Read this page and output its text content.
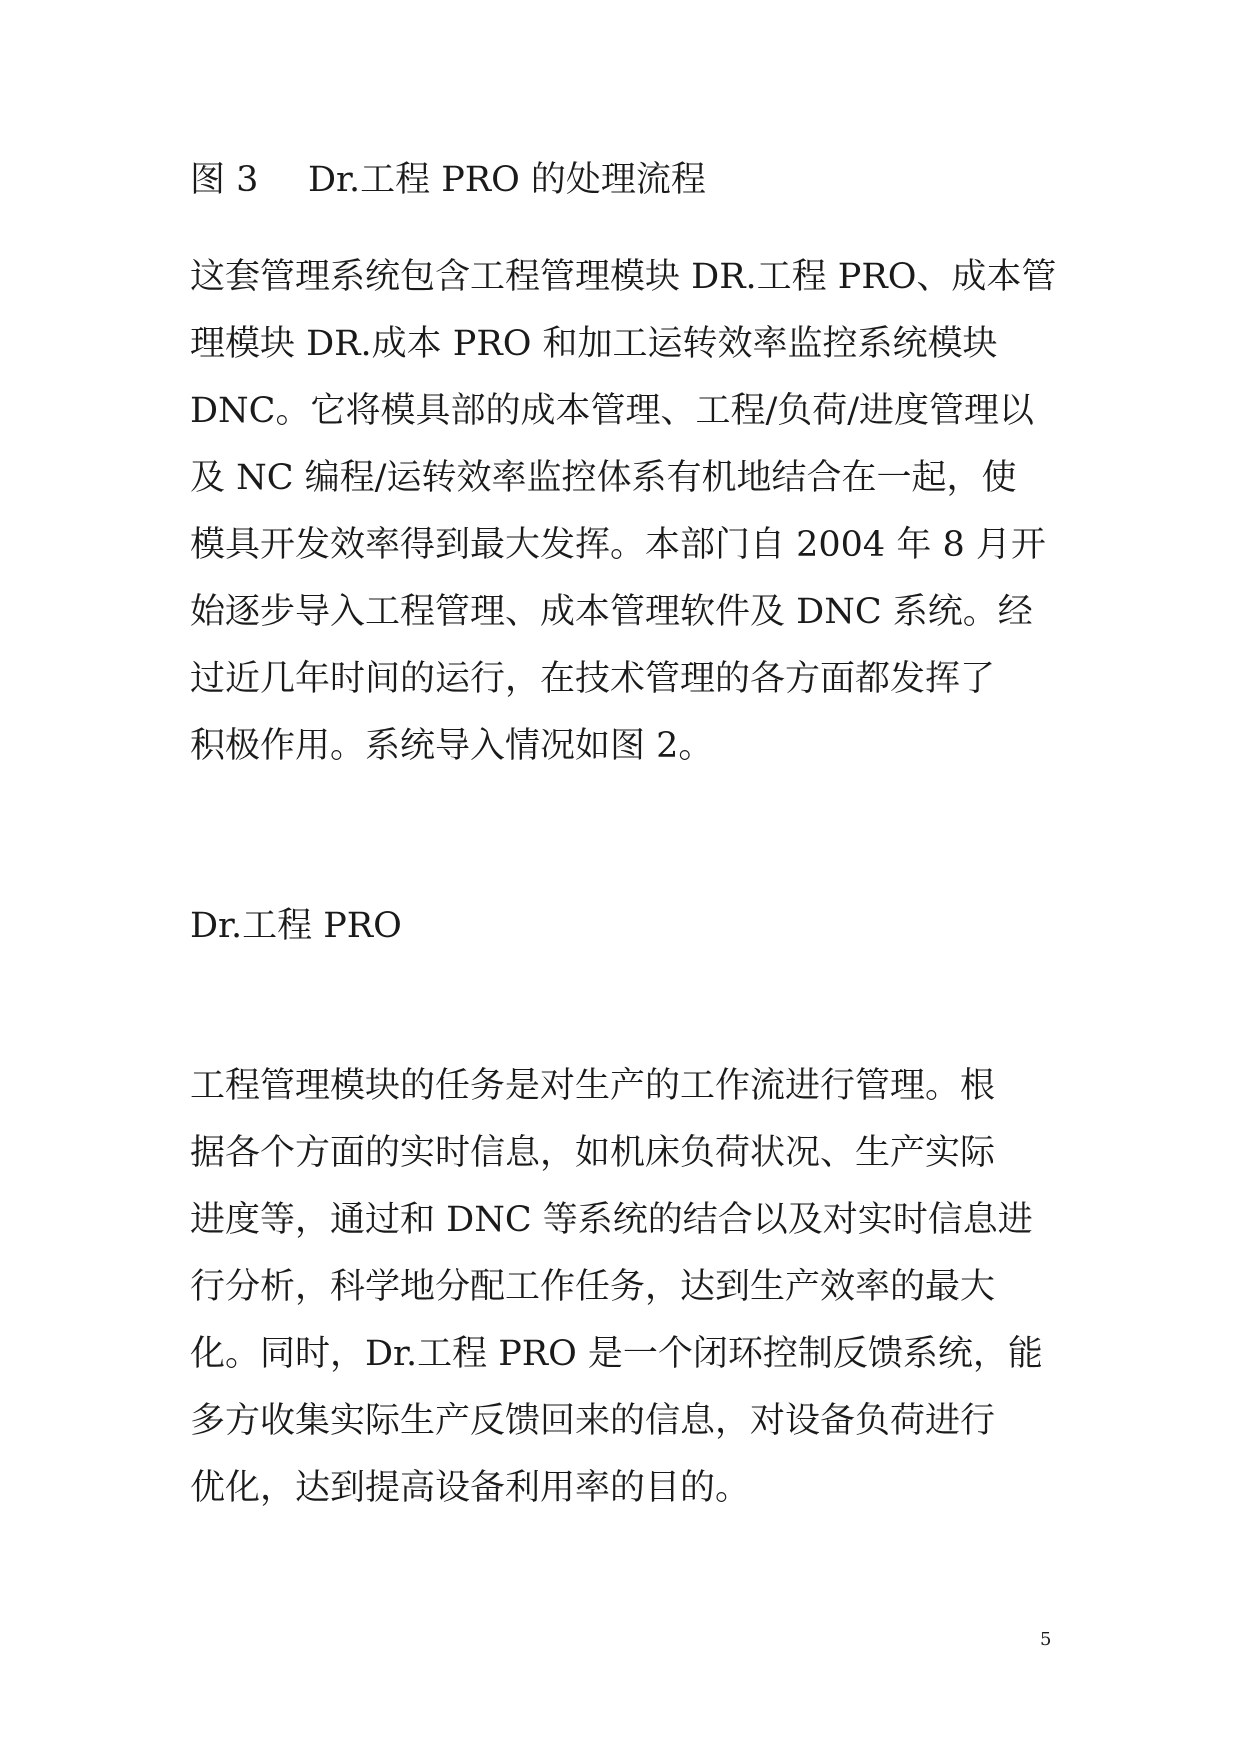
图 3 Dr.工程 PRO 的处理流程

这套管理系统包含工程管理模块 DR.工程 PRO、成本管
理模块 DR.成本 PRO 和加工运转效率监控系统模块
DNC。它将模具部的成本管理、工程/负荷/进度管理以
及 NC 编程/运转效率监控体系有机地结合在一起，使
模具开发效率得到最大发挥。本部门自 2004 年 8 月开
始逐步导入工程管理、成本管理软件及 DNC 系统。经
过近几年时间的运行，在技术管理的各方面都发挥了
积极作用。系统导入情况如图 2。

Dr.工程 PRO

工程管理模块的任务是对生产的工作流进行管理。根
据各个方面的实时信息，如机床负荷状况、生产实际
进度等，通过和 DNC 等系统的结合以及对实时信息进
行分析，科学地分配工作任务，达到生产效率的最大
化。同时，Dr.工程 PRO 是一个闭环控制反馈系统，能
多方收集实际生产反馈回来的信息，对设备负荷进行
优化，达到提高设备利用率的目的。

5
